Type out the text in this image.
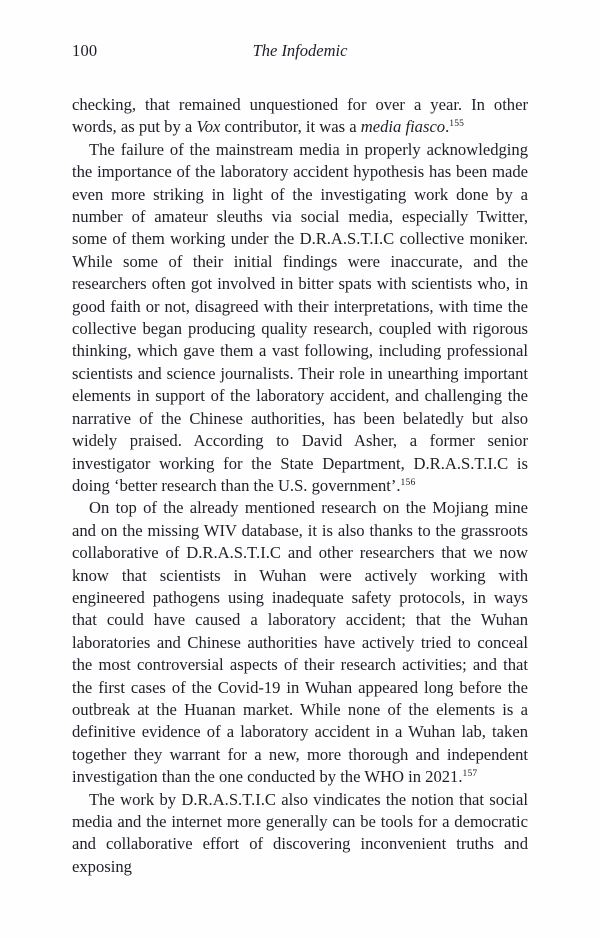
100	The Infodemic

checking, that remained unquestioned for over a year. In other words, as put by a Vox contributor, it was a media fiasco.$^{155}$

The failure of the mainstream media in properly acknowledging the importance of the laboratory accident hypothesis has been made even more striking in light of the investigating work done by a number of amateur sleuths via social media, especially Twitter, some of them working under the D.R.A.S.T.I.C collective moniker. While some of their initial findings were inaccurate, and the researchers often got involved in bitter spats with scientists who, in good faith or not, disagreed with their interpretations, with time the collective began producing quality research, coupled with rigorous thinking, which gave them a vast following, including professional scientists and science journalists. Their role in unearthing important elements in support of the laboratory accident, and challenging the narrative of the Chinese authorities, has been belatedly but also widely praised. According to David Asher, a former senior investigator working for the State Department, D.R.A.S.T.I.C is doing ‘better research than the U.S. government’.$^{156}$

On top of the already mentioned research on the Mojiang mine and on the missing WIV database, it is also thanks to the grassroots collaborative of D.R.A.S.T.I.C and other researchers that we now know that scientists in Wuhan were actively working with engineered pathogens using inadequate safety protocols, in ways that could have caused a laboratory accident; that the Wuhan laboratories and Chinese authorities have actively tried to conceal the most controversial aspects of their research activities; and that the first cases of the Covid-19 in Wuhan appeared long before the outbreak at the Huanan market. While none of the elements is a definitive evidence of a laboratory accident in a Wuhan lab, taken together they warrant for a new, more thorough and independent investigation than the one conducted by the WHO in 2021.$^{157}$

The work by D.R.A.S.T.I.C also vindicates the notion that social media and the internet more generally can be tools for a democratic and collaborative effort of discovering inconvenient truths and exposing
